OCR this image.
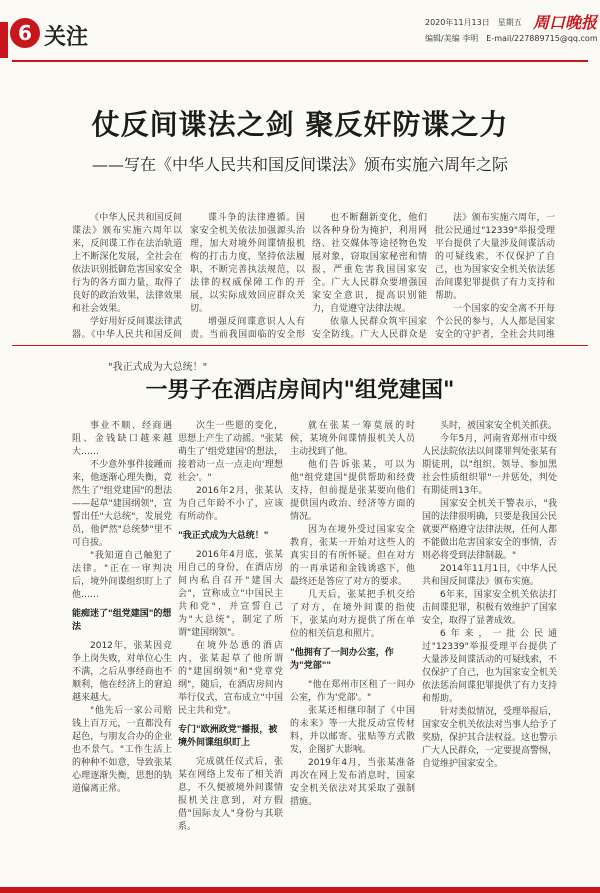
6 关注
2020年11月13日 星期五
编辑/美编 李明 E-mail/227889715@qq.com
周口晚报
仗反间谍法之剑 聚反奸防谍之力
——写在《中华人民共和国反间谍法》颁布实施六周年之际

《中华人民共和国反间谍法》颁布实施六周年以来，反间谍工作在法治轨道上不断深化发展，全社会在依法识别抵御危害国家安全行为的各方面力量，取得了良好的政治效果，法律效果和社会效果。

学好用好反间谍法律武器。《中华人民共和国反间

谍斗争的法律遵循。国家安全机关依法加强源头治理，加大对境外间谍情报机构的打击力度，坚持依法履职，不断完善执法规范，以法律的权威保障工作的开展，以实际成效回应群众关切。

增强反间谍意识人人有责。当前我国面临的安全形

也不断翻新变化，他们以各种身份为掩护，利用网络、社交媒体等途径物色发展对象，窃取国家秘密和情报，严重危害我国国家安全。广大人民群众要增强国家安全意识，提高识别能力，自觉遵守法律法规。

依靠人民群众筑牢国家安全防线。广大人民群众是

法》颁布实施六周年，一批公民通过"12339"举报受理平台提供了大量涉及间谍活动的可疑线索，不仅保护了自己，也为国家安全机关依法惩治间谍犯罪提供了有力支持和帮助。

一个国家的安全离不开每个公民的参与，人人都是国家安全的守护者，全社会共同维

"我正式成为大总统！"
一男子在酒店房间内"组党建国"

事业不顺、经商遇阻、金钱缺口越来越大……

不少意外事件接踵而来，他逐渐心理失衡，竟然生了"组党建国"的想法——起草"建国纲领"，宣誓出任"大总统"，发展党员，他俨然"总统梦"里不可自拔。

"我知道自己触犯了法律。"正在一审判决后，境外间谍组织盯上了他……

能痴迷了"组党建国"的想法

2012年，张某因竞争上岗失败，对单位心生不满，之后从事经商也不顺利，他在经济上的窘迫越来越大。

"他先后一家公司赔钱上百万元，一直都没有起色，与朋友合办的企业也不景气。"工作生活上的种种不如意，导致张某心理逐渐失衡，思想的轨道偏离正常。

次生一些愿的变化，思想上产生了动摇。"张某萌生了'组党建国'的想法，接着动一点一点走向'理想社会'。"

2016年2月，张某认为自己年龄不小了，应该有所动作。

"我正式成为大总统！"

2016年4月底，张某用自己的身份，在酒店房间内私自召开"建国大会"，宣称成立"中国民主共和党"，并宣誓自己为"大总统"，制定了所谓"建国纲领"。

在境外怂恿的酒店内，张某起草了他所谓的"建国纲领"和"党章党纲"，随后，在酒店房间内举行仪式，宣布成立"中国民主共和党"。

专门"欧洲政党"播报，被境外间谍组织盯上

完成就任仪式后，张某在网络上发布了相关消息，不久便被境外间谍情报机关注意到，对方假借"国际友人"身份与其联系。

就在张某一筹莫展的时候，某境外间谍情报机关人员主动找到了他。

他们告诉张某，可以为他"组党建国"提供帮助和经费支持，但前提是张某要向他们提供国内政治、经济等方面的情况。

因为在境外受过国家安全教育，张某一开始对这些人的真实目的有所怀疑。但在对方的一再承诺和金钱诱惑下，他最终还是答应了对方的要求。

几天后，张某把手机交给了对方，在境外间谍的指使下，张某向对方提供了所在单位的相关信息和照片。

"他拥有了一间办公室，作为"党部""

"他在郑州市区租了一间办公室，作为'党部'。"

张某还相继印制了《中国的未来》等一大批反动宣传材料，并以邮寄、张贴等方式散发，企图扩大影响。

2019年4月，当张某准备再次在网上发布消息时，国家安全机关依法对其采取了强制措施。

头时，被国家安全机关抓获。

今年5月，河南省郑州市中级人民法院依法以间谍罪判处张某有期徒刑，以"组织、领导、参加黑社会性质组织罪"一并惩处，判处有期徒刑13年。

国家安全机关干警表示，"我国的法律很明确，只要是我国公民就要严格遵守法律法规，任何人都不能做出危害国家安全的事情，否则必将受到法律制裁。"

2014年11月1日，《中华人民共和国反间谍法》颁布实施。

6年来，国家安全机关依法打击间谍犯罪，积极有效维护了国家安全，取得了显著成效。

6年来，一批公民通过"12339"举报受理平台提供了大量涉及间谍活动的可疑线索，不仅保护了自己，也为国家安全机关依法惩治间谍犯罪提供了有力支持和帮助。

针对类似情况，受理举报后，国家安全机关依法对当事人给予了奖励，保护其合法权益。这也警示广大人民群众，一定要提高警惕，自觉维护国家安全。
